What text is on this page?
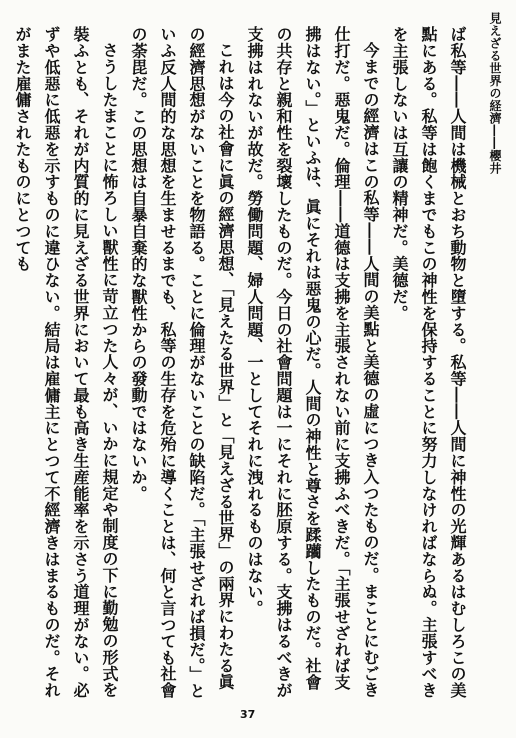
見えざる世界の経濟――櫻井

ば私等――人間は機械とおち動物と墮する。私等――人間に神性の光輝あるはむしろこの美點にある。私等は飽くまでもこの神性を保持することに努力しなければならぬ。主張すべきを主張しないは互讓の精神だ。美德だ。

今までの經濟はこの私等――人間の美點と美德の虛につき入つたものだ。まことにむごき仕打だ。惡鬼だ。倫理――道德は支拂を主張されない前に支拂ふべきだ。「主張せざれば支拂はない。」といふは、眞にそれは惡鬼の心だ。人間の神性と尊さを蹂躪したものだ。社會の共存と親和性を裂壞したものだ。今日の社會問題は一にそれに胚原する。支拂はるべきが支拂はれないが故だ。勞働問題、婦人問題、一としてそれに洩れるものはない。

これは今の社會に眞の經濟思想、「見えたる世界」と「見えざる世界」の兩界にわたる眞の經濟思想がないことを物語る。ことに倫理がないことの缺陷だ。「主張せざれば損だ。」といふ反人間的な思想を生ませるまでも、私等の生存を危殆に導くことは、何と言つても社會の荼毘だ。この思想は自暴自棄的な獸性からの發動ではないか。

さうしたまことに怖ろしい獸性に苛立つた人々が、いかに規定や制度の下に勤勉の形式を裝ふとも、それが内質的に見えざる世界において最も高き生産能率を示さう道理がない。必ずや低惡に低惡を示すものに違ひない。結局は雇傭主にとつて不經濟きはまるものだ。それがまた雇傭されたものにとつても

37
